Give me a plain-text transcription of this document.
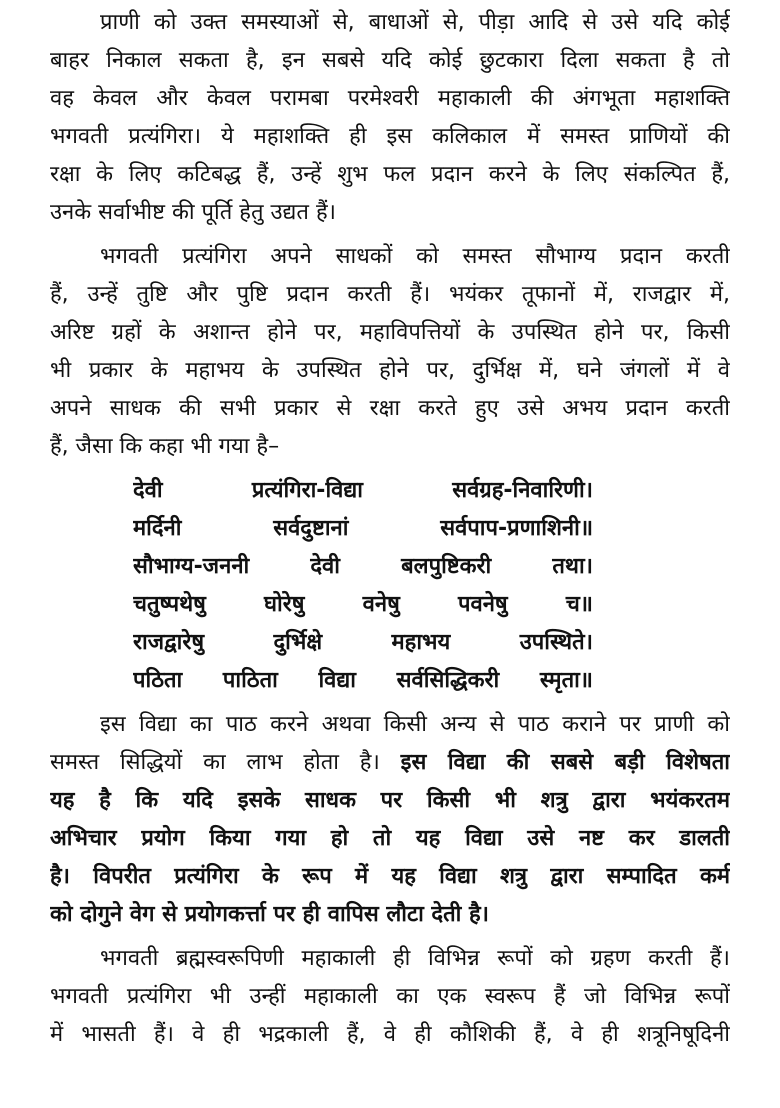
प्राणी को उक्त समस्याओं से, बाधाओं से, पीड़ा आदि से उसे यदि कोई
बाहर निकाल सकता है, इन सबसे यदि कोई छुटकारा दिला सकता है तो
वह केवल और केवल परामबा परमेश्वरी महाकाली की अंगभूता महाशक्ति
भगवती प्रत्यंगिरा। ये महाशक्ति ही इस कलिकाल में समस्त प्राणियों की
रक्षा के लिए कटिबद्ध हैं, उन्हें शुभ फल प्रदान करने के लिए संकल्पित हैं,
उनके सर्वाभीष्ट की पूर्ति हेतु उद्यत हैं।
भगवती प्रत्यंगिरा अपने साधकों को समस्त सौभाग्य प्रदान करती
हैं, उन्हें तुष्टि और पुष्टि प्रदान करती हैं। भयंकर तूफानों में, राजद्वार में,
अरिष्ट ग्रहों के अशान्त होने पर, महाविपत्तियों के उपस्थित होने पर, किसी
भी प्रकार के महाभय के उपस्थित होने पर, दुर्भिक्ष में, घने जंगलों में वे
अपने साधक की सभी प्रकार से रक्षा करते हुए उसे अभय प्रदान करती
हैं, जैसा कि कहा भी गया है–
देवी प्रत्यंगिरा-विद्या सर्वग्रह-निवारिणी।
मर्दिनी सर्वदुष्टानां सर्वपाप-प्रणाशिनी॥
सौभाग्य-जननी देवी बलपुष्टिकरी तथा।
चतुष्पथेषु घोरेषु वनेषु पवनेषु च॥
राजद्वारेषु दुर्भिक्षे महाभय उपस्थिते।
पठिता पाठिता विद्या सर्वसिद्धिकरी स्मृता॥
इस विद्या का पाठ करने अथवा किसी अन्य से पाठ कराने पर प्राणी को
समस्त सिद्धियों का लाभ होता है। इस विद्या की सबसे बड़ी विशेषता
यह है कि यदि इसके साधक पर किसी भी शत्रु द्वारा भयंकरतम
अभिचार प्रयोग किया गया हो तो यह विद्या उसे नष्ट कर डालती
है। विपरीत प्रत्यंगिरा के रूप में यह विद्या शत्रु द्वारा सम्पादित कर्म
को दोगुने वेग से प्रयोगकर्त्ता पर ही वापिस लौटा देती है।
भगवती ब्रह्मस्वरूपिणी महाकाली ही विभिन्न रूपों को ग्रहण करती हैं।
भगवती प्रत्यंगिरा भी उन्हीं महाकाली का एक स्वरूप हैं जो विभिन्न रूपों
में भासती हैं। वे ही भद्रकाली हैं, वे ही कौशिकी हैं, वे ही शत्रूनिषूदिनी
